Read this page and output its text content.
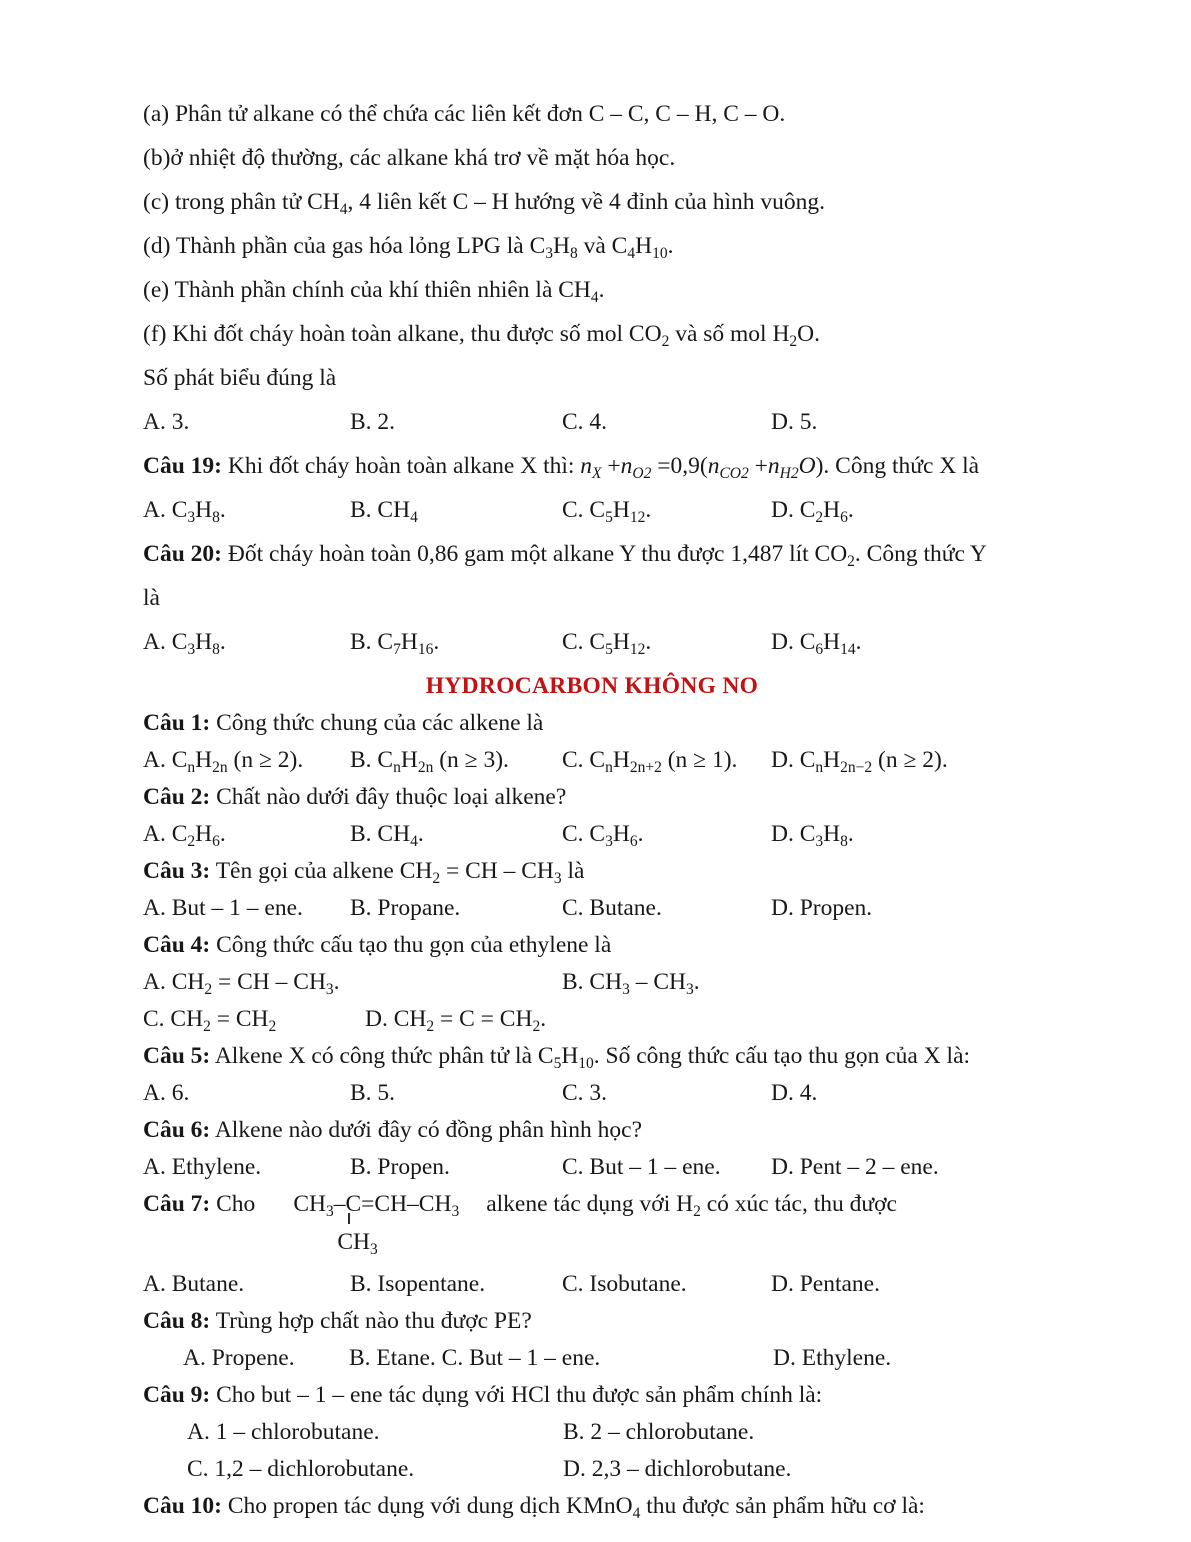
(a) Phân tử alkane có thể chứa các liên kết đơn C – C, C – H, C – O.
(b)ở nhiệt độ thường, các alkane khá trơ về mặt hóa học.
(c) trong phân tử $CH_4$, 4 liên kết C – H hướng về 4 đỉnh của hình vuông.
(d) Thành phần của gas hóa lỏng LPG là $C_3H_8$ và $C_4H_{10}$.
(e) Thành phần chính của khí thiên nhiên là $CH_4$.
(f) Khi đốt cháy hoàn toàn alkane, thu được số mol $CO_2$ và số mol $H_2O$.
Số phát biểu đúng là
A. 3.	B. 2.	C. 4.	D. 5.
Câu 19: Khi đốt cháy hoàn toàn alkane X thì: $n_X +n_{O2} =0,9(n_{CO2} +n_{H2}O)$. Công thức X là
A. $C_3H_8$.	B. $CH_4$	C. $C_5H_{12}$.	D. $C_2H_6$.
Câu 20: Đốt cháy hoàn toàn 0,86 gam một alkane Y thu được 1,487 lít $CO_2$. Công thức Y
là
A. $C_3H_8$.	B. $C_7H_{16}$.	C. $C_5H_{12}$.	D. $C_6H_{14}$.
HYDROCARBON KHÔNG NO
Câu 1: Công thức chung của các alkene là
A. $C_nH_{2n}$ (n ≥ 2).	B. $C_nH_{2n}$ (n ≥ 3).	C. $C_nH_{2n+2}$ (n ≥ 1).	D. $C_nH_{2n-2}$ (n ≥ 2).
Câu 2: Chất nào dưới đây thuộc loại alkene?
A. $C_2H_6$.	B. $CH_4$.	C. $C_3H_6$.	D. $C_3H_8$.
Câu 3: Tên gọi của alkene $CH_2$ = CH – $CH_3$ là
A. But – 1 – ene.	B. Propane.	C. Butane.	D. Propen.
Câu 4: Công thức cấu tạo thu gọn của ethylene là
A. $CH_2$ = CH – $CH_3$.	B. $CH_3 - CH_3$.
C. $CH_2 = CH_2$	D. $CH_2 = C = CH_2$.
Câu 5: Alkene X có công thức phân tử là $C_5H_{10}$. Số công thức cấu tạo thu gọn của X là:
A. 6.	B. 5.	C. 3.	D. 4.
Câu 6: Alkene nào dưới đây có đồng phân hình học?
A. Ethylene.	B. Propen.	C. But – 1 – ene.	D. Pent – 2 – ene.
Câu 7: Cho $CH_3-C=CH-CH_3$
$CH_3$
alkene tác dụng với $H_2$ có xúc tác, thu được
A. Butane.	B. Isopentane.	C. Isobutane.	D. Pentane.
Câu 8: Trùng hợp chất nào thu được PE?
A. Propene.	B. Etane. C. But – 1 – ene.	D. Ethylene.
Câu 9: Cho but – 1 – ene tác dụng với HCl thu được sản phẩm chính là:
A. 1 – chlorobutane.	B. 2 – chlorobutane.
C. 1,2 – dichlorobutane.	D. 2,3 – dichlorobutane.
Câu 10: Cho propen tác dụng với dung dịch KMnO$_4$ thu được sản phẩm hữu cơ là:
